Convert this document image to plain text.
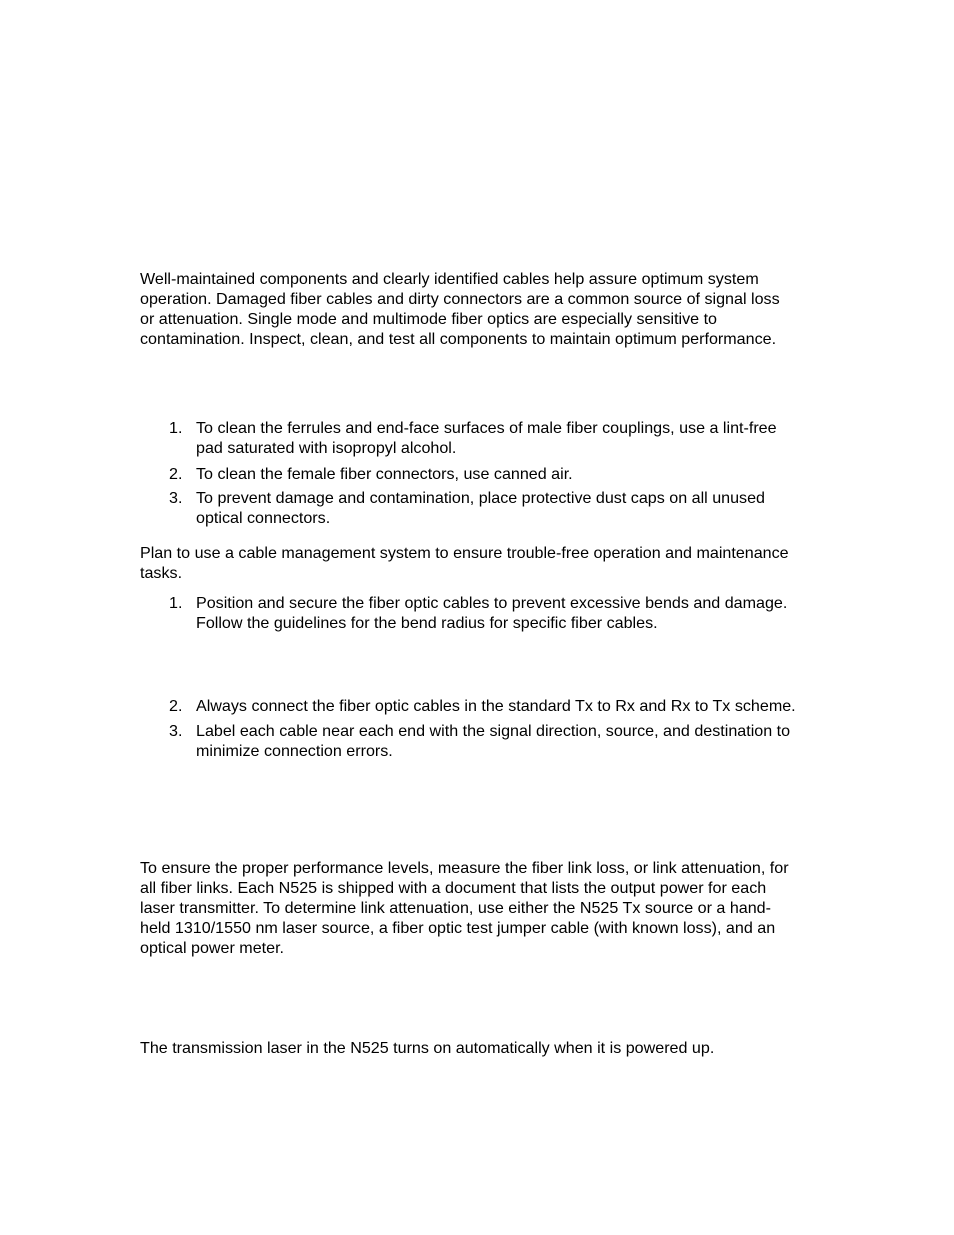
Well-maintained components and clearly identified cables help assure optimum system
operation. Damaged fiber cables and dirty connectors are a common source of signal loss
or attenuation. Single mode and multimode fiber optics are especially sensitive to
contamination. Inspect, clean, and test all components to maintain optimum performance.
1. To clean the ferrules and end-face surfaces of male fiber couplings, use a lint-free
pad saturated with isopropyl alcohol.
2. To clean the female fiber connectors, use canned air.
3. To prevent damage and contamination, place protective dust caps on all unused
optical connectors.
Plan to use a cable management system to ensure trouble-free operation and maintenance
tasks.
1. Position and secure the fiber optic cables to prevent excessive bends and damage.
Follow the guidelines for the bend radius for specific fiber cables.
2. Always connect the fiber optic cables in the standard Tx to Rx and Rx to Tx scheme.
3. Label each cable near each end with the signal direction, source, and destination to
minimize connection errors.
To ensure the proper performance levels, measure the fiber link loss, or link attenuation, for
all fiber links. Each N525 is shipped with a document that lists the output power for each
laser transmitter. To determine link attenuation, use either the N525 Tx source or a hand-
held 1310/1550 nm laser source, a fiber optic test jumper cable (with known loss), and an
optical power meter.
The transmission laser in the N525 turns on automatically when it is powered up.
